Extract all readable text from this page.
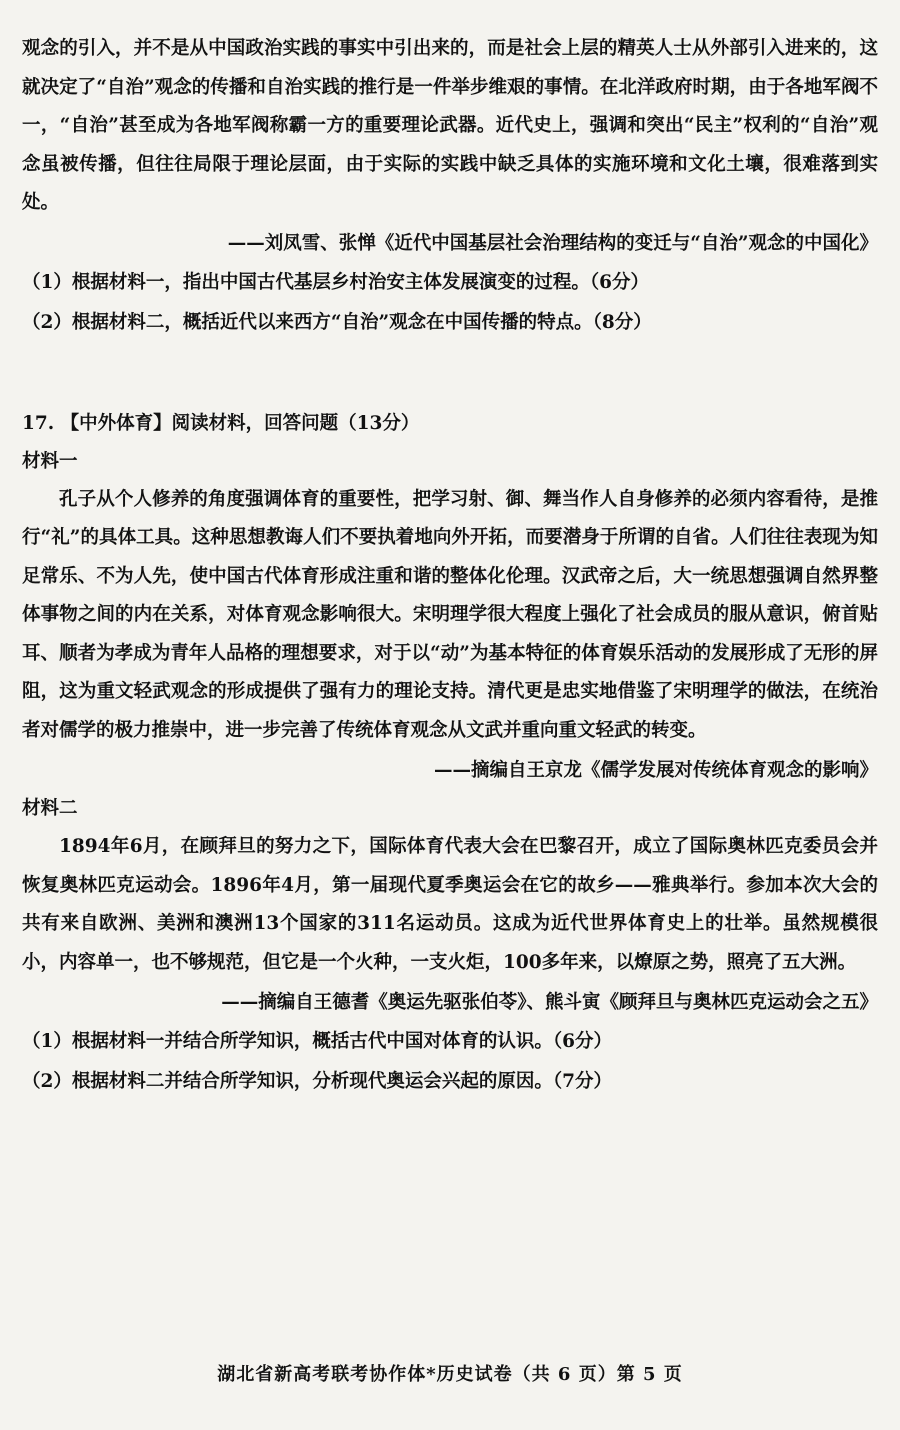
观念的引入，并不是从中国政治实践的事实中引出来的，而是社会上层的精英人士从外部引入进来的，这就决定了“自治”观念的传播和自治实践的推行是一件举步维艰的事情。在北洋政府时期，由于各地军阀不一，“自治”甚至成为各地军阀称霸一方的重要理论武器。近代史上，强调和突出“民主”权利的“自治”观念虽被传播，但往往局限于理论层面，由于实际的实践中缺乏具体的实施环境和文化土壤，很难落到实处。

——刘凤雪、张惮《近代中国基层社会治理结构的变迁与“自治”观念的中国化》

（1）根据材料一，指出中国古代基层乡村治安主体发展演变的过程。（6分）

（2）根据材料二，概括近代以来西方“自治”观念在中国传播的特点。（8分）

17. 【中外体育】阅读材料，回答问题（13分）

材料一

孔子从个人修养的角度强调体育的重要性，把学习射、御、舞当作人自身修养的必须内容看待，是推行“礼”的具体工具。这种思想教诲人们不要执着地向外开拓，而要潜身于所谓的自省。人们往往表现为知足常乐、不为人先，使中国古代体育形成注重和谐的整体化伦理。汉武帝之后，大一统思想强调自然界整体事物之间的内在关系，对体育观念影响很大。宋明理学很大程度上强化了社会成员的服从意识，俯首贴耳、顺者为孝成为青年人品格的理想要求，对于以“动”为基本特征的体育娱乐活动的发展形成了无形的屏阻，这为重文轻武观念的形成提供了强有力的理论支持。清代更是忠实地借鉴了宋明理学的做法，在统治者对儒学的极力推崇中，进一步完善了传统体育观念从文武并重向重文轻武的转变。

——摘编自王京龙《儒学发展对传统体育观念的影响》

材料二

1894年6月，在顾拜旦的努力之下，国际体育代表大会在巴黎召开，成立了国际奥林匹克委员会并恢复奥林匹克运动会。1896年4月，第一届现代夏季奥运会在它的故乡——雅典举行。参加本次大会的共有来自欧洲、美洲和澳洲13个国家的311名运动员。这成为近代世界体育史上的壮举。虽然规模很小，内容单一，也不够规范，但它是一个火种，一支火炬，100多年来，以燎原之势，照亮了五大洲。

——摘编自王德耆《奥运先驱张伯苓》、熊斗寅《顾拜旦与奥林匹克运动会之五》

（1）根据材料一并结合所学知识，概括古代中国对体育的认识。（6分）

（2）根据材料二并结合所学知识，分析现代奥运会兴起的原因。（7分）

湖北省新高考联考协作体*历史试卷（共 6 页）第 5 页
